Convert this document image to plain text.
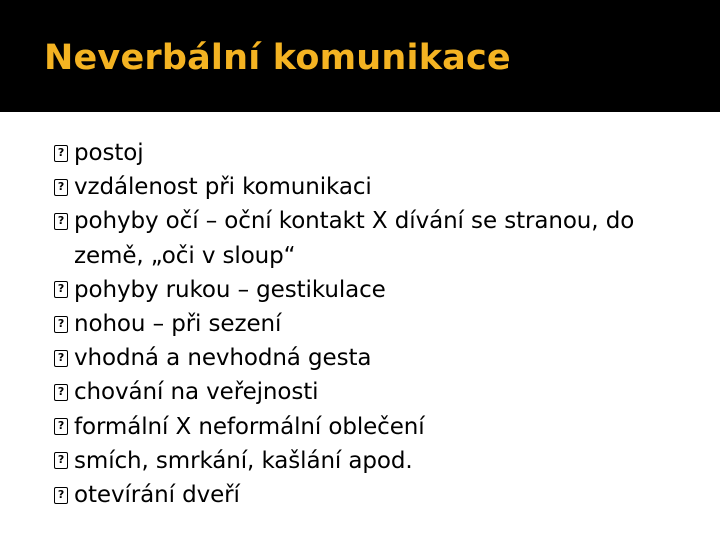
Neverbální komunikace
?
postoj
?
vzdálenost při komunikaci
?
pohyby očí – oční kontakt X dívání se stranou, do země, „oči v sloup“
?
pohyby rukou – gestikulace
?
nohou – při sezení
?
vhodná a nevhodná gesta
?
chování na veřejnosti
?
formální X neformální oblečení
?
smích, smrkání, kašlání apod.
?
otevírání dveří
